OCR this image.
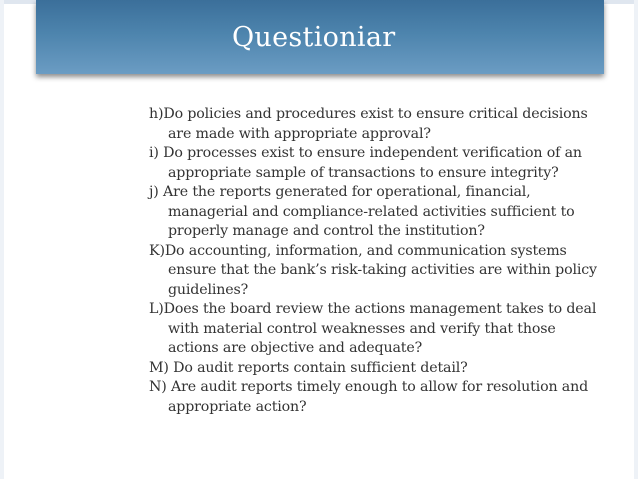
Questioniar

h)Do policies and procedures exist to ensure critical decisions are made with appropriate approval?

i) Do processes exist to ensure independent verification of an appropriate sample of transactions to ensure integrity?

j) Are the reports generated for operational, financial, managerial and compliance-related activities sufficient to properly manage and control the institution?

K)Do accounting, information, and communication systems ensure that the bank’s risk-taking activities are within policy guidelines?

L)Does the board review the actions management takes to deal with material control weaknesses and verify that those actions are objective and adequate?

M) Do audit reports contain sufficient detail?

N) Are audit reports timely enough to allow for resolution and appropriate action?
